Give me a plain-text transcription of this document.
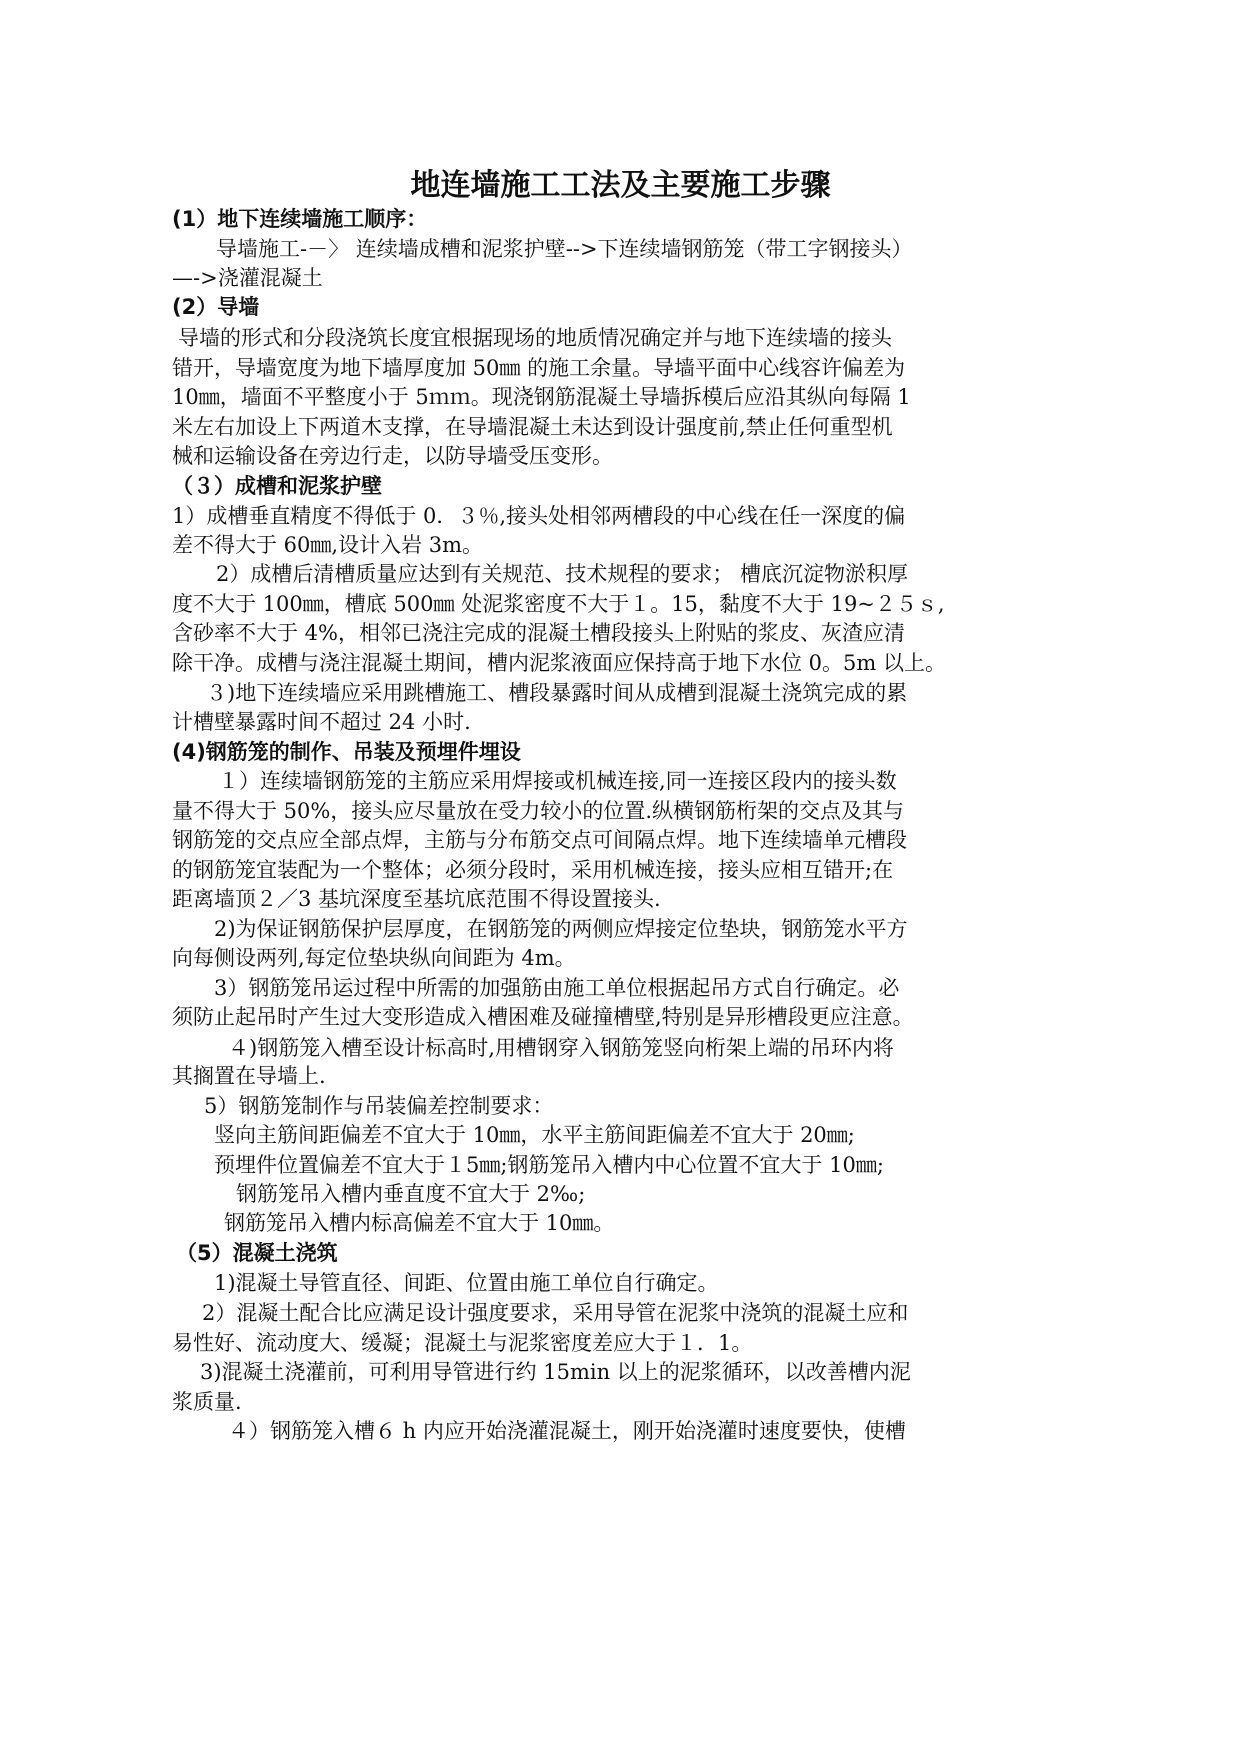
地连墙施工工法及主要施工步骤
(1）地下连续墙施工顺序：
导墙施工-－〉 连续墙成槽和泥浆护壁-->下连续墙钢筋笼（带工字钢接头）
—->浇灌混凝土
(2）导墙
导墙的形式和分段浇筑长度宜根据现场的地质情况确定并与地下连续墙的接头
错开，导墙宽度为地下墙厚度加 50㎜ 的施工余量。导墙平面中心线容许偏差为
10㎜，墙面不平整度小于 5ｍｍ。现浇钢筋混凝土导墙拆模后应沿其纵向每隔 1
米左右加设上下两道木支撑，在导墙混凝土未达到设计强度前,禁止任何重型机
械和运输设备在旁边行走，以防导墙受压变形。
（３）成槽和泥浆护壁
1）成槽垂直精度不得低于 0．３％,接头处相邻两槽段的中心线在任一深度的偏
差不得大于 60㎜,设计入岩 3m。
2）成槽后清槽质量应达到有关规范、技术规程的要求； 槽底沉淀物淤积厚
度不大于 100㎜，槽底 500㎜ 处泥浆密度不大于１。15，黏度不大于 19~２５ｓ,
含砂率不大于 4%，相邻已浇注完成的混凝土槽段接头上附贴的浆皮、灰渣应清
除干净。成槽与浇注混凝土期间，槽内泥浆液面应保持高于地下水位 0。5m 以上。
３)地下连续墙应采用跳槽施工、槽段暴露时间从成槽到混凝土浇筑完成的累
计槽壁暴露时间不超过 24 小时.
(4)钢筋笼的制作、吊装及预埋件埋设
１）连续墙钢筋笼的主筋应采用焊接或机械连接,同一连接区段内的接头数
量不得大于 50%，接头应尽量放在受力较小的位置.纵横钢筋桁架的交点及其与
钢筋笼的交点应全部点焊，主筋与分布筋交点可间隔点焊。地下连续墙单元槽段
的钢筋笼宜装配为一个整体；必须分段时，采用机械连接，接头应相互错开;在
距离墙顶２／3 基坑深度至基坑底范围不得设置接头.
2)为保证钢筋保护层厚度，在钢筋笼的两侧应焊接定位垫块，钢筋笼水平方
向每侧设两列,每定位垫块纵向间距为 4m。
3）钢筋笼吊运过程中所需的加强筋由施工单位根据起吊方式自行确定。必
须防止起吊时产生过大变形造成入槽困难及碰撞槽壁,特别是异形槽段更应注意。
４)钢筋笼入槽至设计标高时,用槽钢穿入钢筋笼竖向桁架上端的吊环内将
其搁置在导墙上.
5）钢筋笼制作与吊装偏差控制要求：
竖向主筋间距偏差不宜大于 10㎜，水平主筋间距偏差不宜大于 20㎜;
预埋件位置偏差不宜大于１5㎜;钢筋笼吊入槽内中心位置不宜大于 10㎜;
钢筋笼吊入槽内垂直度不宜大于 2‰;
钢筋笼吊入槽内标高偏差不宜大于 10㎜。
（5）混凝土浇筑
1)混凝土导管直径、间距、位置由施工单位自行确定。
2）混凝土配合比应满足设计强度要求，采用导管在泥浆中浇筑的混凝土应和
易性好、流动度大、缓凝；混凝土与泥浆密度差应大于１．1。
3)混凝土浇灌前，可利用导管进行约 15min 以上的泥浆循环，以改善槽内泥
浆质量.
４）钢筋笼入槽６ h 内应开始浇灌混凝土，刚开始浇灌时速度要快，使槽
